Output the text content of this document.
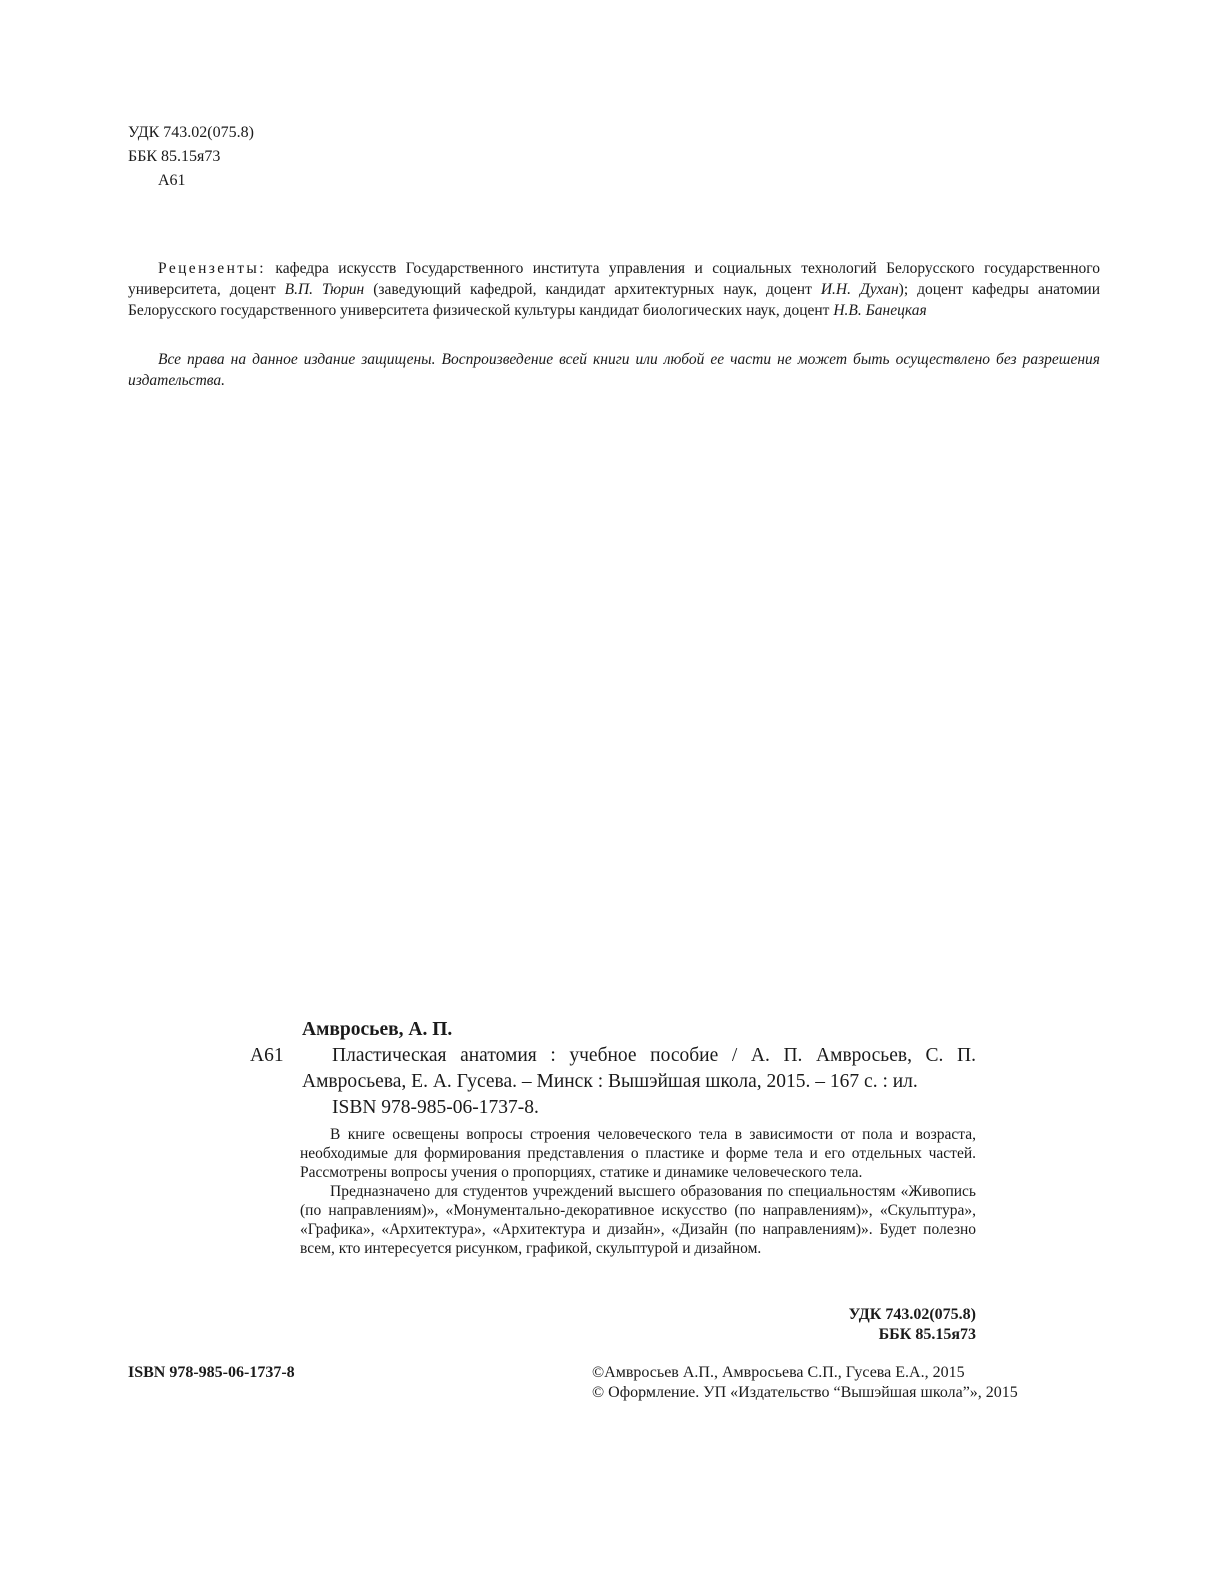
УДК 743.02(075.8)
ББК 85.15я73
А61
Рецензенты: кафедра искусств Государственного института управления и социальных технологий Белорусского государственного университета, доцент В.П. Тюрин (заведующий кафедрой, кандидат архитектурных наук, доцент И.Н. Духан); доцент кафедры анатомии Белорусского государственного университета физической культуры кандидат биологических наук, доцент Н.В. Банецкая
Все права на данное издание защищены. Воспроизведение всей книги или любой ее части не может быть осуществлено без разрешения издательства.
Амвросьев, А. П.
А61	Пластическая анатомия : учебное пособие / А. П. Амвросьев, С. П. Амвросьева, Е. А. Гусева. – Минск : Вышэйшая школа, 2015. – 167 с. : ил.
ISBN 978-985-06-1737-8.

В книге освещены вопросы строения человеческого тела в зависимости от пола и возраста, необходимые для формирования представления о пластике и форме тела и его отдельных частей. Рассмотрены вопросы учения о пропорциях, статике и динамике человеческого тела.

Предназначено для студентов учреждений высшего образования по специальностям «Живопись (по направлениям)», «Монументально-декоративное искусство (по направлениям)», «Скульптура», «Графика», «Архитектура», «Архитектура и дизайн», «Дизайн (по направлениям)». Будет полезно всем, кто интересуется рисунком, графикой, скульптурой и дизайном.

УДК 743.02(075.8)
ББК 85.15я73
ISBN 978-985-06-1737-8	©Амвросьев А.П., Амвросьева С.П., Гусева Е.А., 2015
© Оформление. УП «Издательство “Вышэйшая школа”», 2015
